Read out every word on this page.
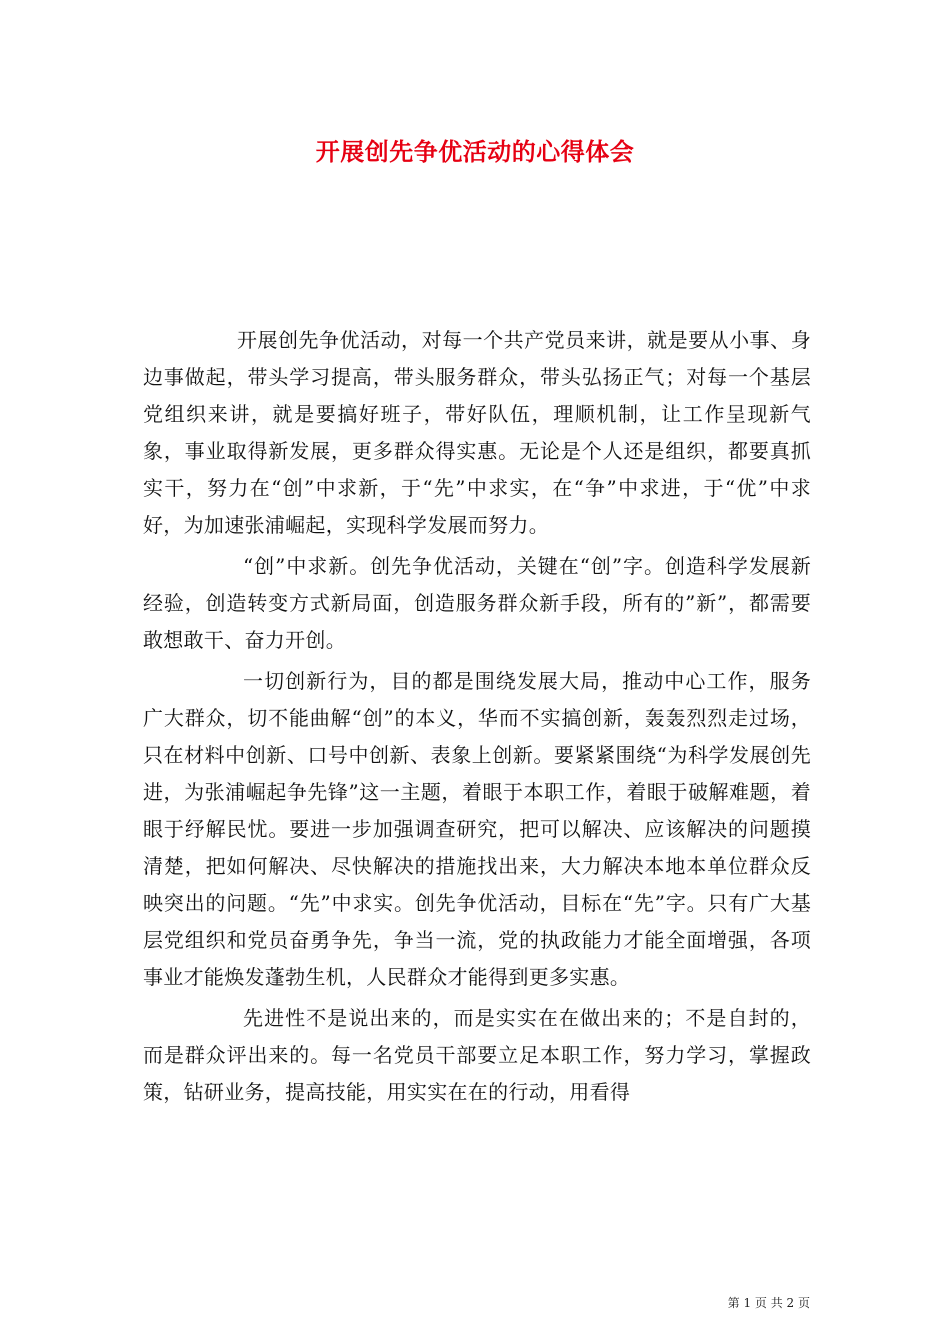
开展创先争优活动的心得体会

开展创先争优活动，对每一个共产党员来讲，就是要从小事、身边事做起，带头学习提高，带头服务群众，带头弘扬正气；对每一个基层党组织来讲，就是要搞好班子，带好队伍，理顺机制，让工作呈现新气象，事业取得新发展，更多群众得实惠。无论是个人还是组织，都要真抓实干，努力在“创”中求新，于“先”中求实，在“争”中求进，于“优”中求好，为加速张浦崛起，实现科学发展而努力。

“创”中求新。创先争优活动，关键在“创”字。创造科学发展新经验，创造转变方式新局面，创造服务群众新手段，所有的”新”，都需要敢想敢干、奋力开创。

一切创新行为，目的都是围绕发展大局，推动中心工作，服务广大群众，切不能曲解“创”的本义，华而不实搞创新，轰轰烈烈走过场，只在材料中创新、口号中创新、表象上创新。要紧紧围绕“为科学发展创先进，为张浦崛起争先锋”这一主题，着眼于本职工作，着眼于破解难题，着眼于纾解民忧。要进一步加强调查研究，把可以解决、应该解决的问题摸清楚，把如何解决、尽快解决的措施找出来，大力解决本地本单位群众反映突出的问题。“先”中求实。创先争优活动，目标在“先”字。只有广大基层党组织和党员奋勇争先，争当一流，党的执政能力才能全面增强，各项事业才能焕发蓬勃生机，人民群众才能得到更多实惠。

先进性不是说出来的，而是实实在在做出来的；不是自封的，而是群众评出来的。每一名党员干部要立足本职工作，努力学习，掌握政策，钻研业务，提高技能，用实实在在的行动，用看得

第 1 页 共 2 页
